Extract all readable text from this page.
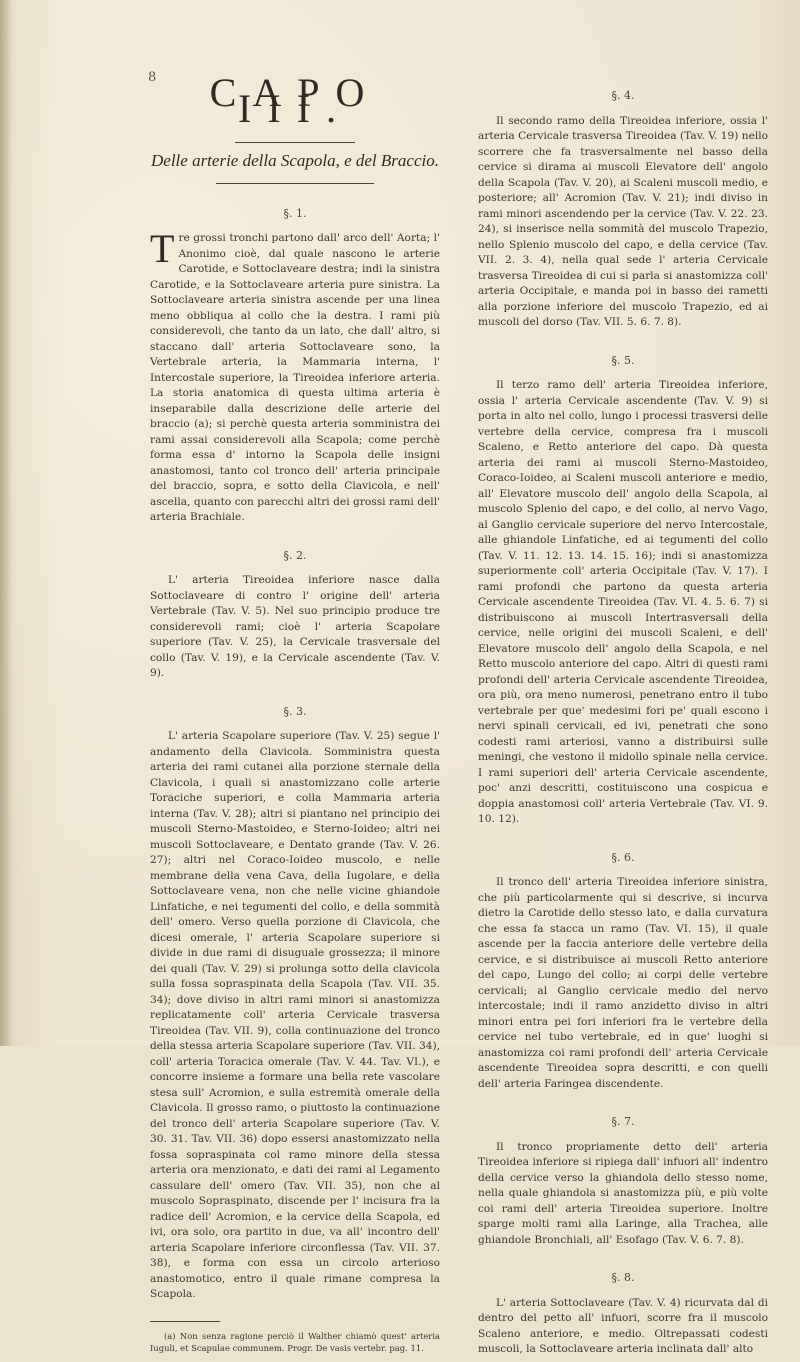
8	CAPO III.
Delle arterie della Scapola, e del Braccio.
§. 1.

Tre grossi tronchi partono dall' arco dell' Aorta; l' Anonimo cioè, dal quale nascono le arterie Carotide, e Sottoclaveare destra; indi la sinistra Carotide, e la Sottoclaveare arteria pure sinistra. La Sottoclaveare arteria sinistra ascende per una linea meno obbliqua al collo che la destra. I rami più considerevoli, che tanto da un lato, che dall' altro, si staccano dall' arteria Sottoclaveare sono, la Vertebrale arteria, la Mammaria interna, l' Intercostale superiore, la Tireoidea inferiore arteria. La storia anatomica di questa ultima arteria è inseparabile dalla descrizione delle arterie del braccio (a); si perchè questa arteria somministra dei rami assai considerevoli alla Scapola; come perchè forma essa d' intorno la Scapola delle insigni anastomosi, tanto col tronco dell' arteria principale del braccio, sopra, e sotto della Clavicola, e nell' ascella, quanto con parecchi altri dei grossi rami dell' arteria Brachiale.

§. 2.

L' arteria Tireoidea inferiore nasce dalla Sottoclaveare di contro l' origine dell' arteria Vertebrale (Tav. V. 5). Nel suo principio produce tre considerevoli rami; cioè l' arteria Scapolare superiore (Tav. V. 25), la Cervicale trasversale del collo (Tav. V. 19), e la Cervicale ascendente (Tav. V. 9).

§. 3.

L' arteria Scapolare superiore (Tav. V. 25) segue l' andamento della Clavicola. Somministra questa arteria dei rami cutanei alla porzione sternale della Clavicola, i quali si anastomizzano colle arterie Toraciche superiori, e colla Mammaria arteria interna (Tav. V. 28); altri si piantano nel principio dei muscoli Sterno-Mastoideo, e Sterno-Ioideo; altri nei muscoli Sottoclaveare, e Dentato grande (Tav. V. 26. 27); altri nel Coraco-Ioideo muscolo, e nelle membrane della vena Cava, della Iugolare, e della Sottoclaveare vena, non che nelle vicine ghiandole Linfatiche, e nei tegumenti del collo, e della sommità dell' omero. Verso quella porzione di Clavicola, che dicesi omerale, l' arteria Scapolare superiore si divide in due rami di disuguale grossezza; il minore dei quali (Tav. V. 29) si prolunga sotto della clavicola sulla fossa sopraspinata della Scapola (Tav. VII. 35. 34); dove diviso in altri rami minori si anastomizza replicatamente coll' arteria Cervicale trasversa Tireoidea (Tav. VII. 9), colla continuazione del tronco della stessa arteria Scapolare superiore (Tav. VII. 34), coll' arteria Toracica omerale (Tav. V. 44. Tav. VI.), e concorre insieme a formare una bella rete vascolare stesa sull' Acromion, e sulla estremità omerale della Clavicola. Il grosso ramo, o piuttosto la continuazione del tronco dell' arteria Scapolare superiore (Tav. V. 30. 31. Tav. VII. 36) dopo essersi anastomizzato nella fossa sopraspinata col ramo minore della stessa arteria ora menzionato, e dati dei rami al Legamento cassulare dell' omero (Tav. VII. 35), non che al muscolo Sopraspinato, discende per l' incisura fra la radice dell' Acromion, e la cervice della Scapola, ed ivi, ora solo, ora partito in due, va all' incontro dell' arteria Scapolare inferiore circonflessa (Tav. VII. 37. 38), e forma con essa un circolo arterioso anastomotico, entro il quale rimane compresa la Scapola.

(a) Non senza ragione perciò il Walther chiamò quest' arteria Iuguli, et Scapulae communem. Progr. De vasis vertebr. pag. 11.

§. 4.

Il secondo ramo della Tireoidea inferiore, ossia l' arteria Cervicale trasversa Tireoidea (Tav. V. 19) nello scorrere che fa trasversalmente nel basso della cervice si dirama ai muscoli Elevatore dell' angolo della Scapola (Tav. V. 20), ai Scaleni muscoli medio, e posteriore; all' Acromion (Tav. V. 21); indi diviso in rami minori ascendendo per la cervice (Tav. V. 22. 23. 24), si inserisce nella sommità del muscolo Trapezio, nello Splenio muscolo del capo, e della cervice (Tav. VII. 2. 3. 4), nella qual sede l' arteria Cervicale trasversa Tireoidea di cui si parla si anastomizza coll' arteria Occipitale, e manda poi in basso dei rametti alla porzione inferiore del muscolo Trapezio, ed ai muscoli del dorso (Tav. VII. 5. 6. 7. 8).

§. 5.

Il terzo ramo dell' arteria Tireoidea inferiore, ossia l' arteria Cervicale ascendente (Tav. V. 9) si porta in alto nel collo, lungo i processi trasversi delle vertebre della cervice, compresa fra i muscoli Scaleno, e Retto anteriore del capo. Dà questa arteria dei rami ai muscoli Sterno-Mastoideo, Coraco-Ioideo, ai Scaleni muscoli anteriore e medio, all' Elevatore muscolo dell' angolo della Scapola, al muscolo Splenio del capo, e del collo, al nervo Vago, al Ganglio cervicale superiore del nervo Intercostale, alle ghiandole Linfatiche, ed ai tegumenti del collo (Tav. V. 11. 12. 13. 14. 15. 16); indi si anastomizza superiormente coll' arteria Occipitale (Tav. V. 17). I rami profondi che partono da questa arteria Cervicale ascendente Tireoidea (Tav. VI. 4. 5. 6. 7) si distribuiscono ai muscoli Intertrasversali della cervice, nelle origini dei muscoli Scaleni, e dell' Elevatore muscolo dell' angolo della Scapola, e nel Retto muscolo anteriore del capo. Altri di questi rami profondi dell' arteria Cervicale ascendente Tireoidea, ora più, ora meno numerosi, penetrano entro il tubo vertebrale per que' medesimi fori pe' quali escono i nervi spinali cervicali, ed ivi, penetrati che sono codesti rami arteriosi, vanno a distribuirsi sulle meningi, che vestono il midollo spinale nella cervice. I rami superiori dell' arteria Cervicale ascendente, poc' anzi descritti, costituiscono una cospicua e doppia anastomosi coll' arteria Vertebrale (Tav. VI. 9. 10. 12).

§. 6.

Il tronco dell' arteria Tireoidea inferiore sinistra, che più particolarmente qui si descrive, si incurva dietro la Carotide dello stesso lato, e dalla curvatura che essa fa stacca un ramo (Tav. VI. 15), il quale ascende per la faccia anteriore delle vertebre della cervice, e si distribuisce ai muscoli Retto anteriore del capo, Lungo del collo; ai corpi delle vertebre cervicali; al Ganglio cervicale medio del nervo intercostale; indi il ramo anzidetto diviso in altri minori entra pei fori inferiori fra le vertebre della cervice nel tubo vertebrale, ed in que' luoghi si anastomizza coi rami profondi dell' arteria Cervicale ascendente Tireoidea sopra descritti, e con quelli dell' arteria Faringea discendente.

§. 7.

Il tronco propriamente detto dell' arteria Tireoidea inferiore si ripiega dall' infuori all' indentro della cervice verso la ghiandola dello stesso nome, nella quale ghiandola si anastomizza più, e più volte coi rami dell' arteria Tireoidea superiore. Inoltre sparge molti rami alla Laringe, alla Trachea, alle ghiandole Bronchiali, all' Esofago (Tav. V. 6. 7. 8).

§. 8.

L' arteria Sottoclaveare (Tav. V. 4) ricurvata dal di dentro del petto all' infuori, scorre fra il muscolo Scaleno anteriore, e medio. Oltrepassati codesti muscoli, la Sottoclaveare arteria inclinata dall' alto
